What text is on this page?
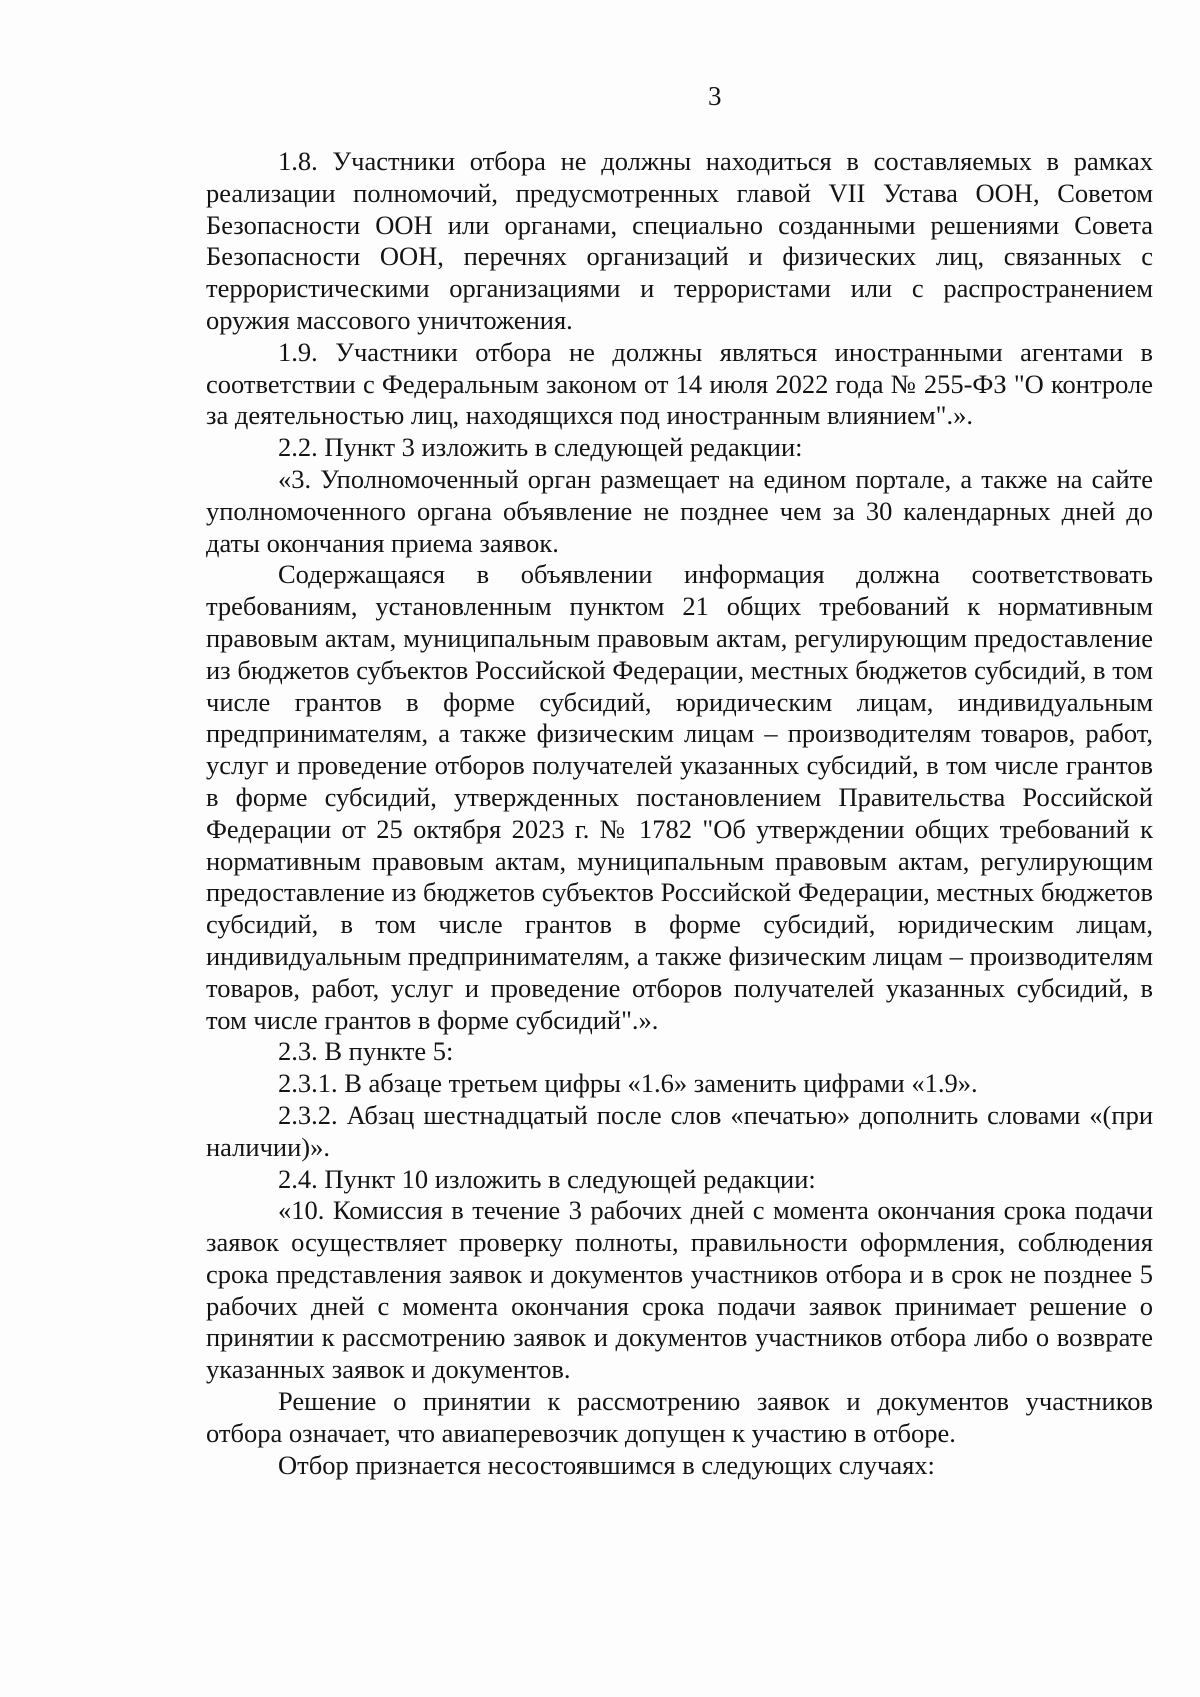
3

1.8. Участники отбора не должны находиться в составляемых в рамках реализации полномочий, предусмотренных главой VII Устава ООН, Советом Безопасности ООН или органами, специально созданными решениями Совета Безопасности ООН, перечнях организаций и физических лиц, связанных с террористическими организациями и террористами или с распространением оружия массового уничтожения.

1.9. Участники отбора не должны являться иностранными агентами в соответствии с Федеральным законом от 14 июля 2022 года № 255-ФЗ "О контроле за деятельностью лиц, находящихся под иностранным влиянием".».

2.2. Пункт 3 изложить в следующей редакции:

«3. Уполномоченный орган размещает на едином портале, а также на сайте уполномоченного органа объявление не позднее чем за 30 календарных дней до даты окончания приема заявок.

Содержащаяся в объявлении информация должна соответствовать требованиям, установленным пунктом 21 общих требований к нормативным правовым актам, муниципальным правовым актам, регулирующим предоставление из бюджетов субъектов Российской Федерации, местных бюджетов субсидий, в том числе грантов в форме субсидий, юридическим лицам, индивидуальным предпринимателям, а также физическим лицам – производителям товаров, работ, услуг и проведение отборов получателей указанных субсидий, в том числе грантов в форме субсидий, утвержденных постановлением Правительства Российской Федерации от 25 октября 2023 г. № 1782 "Об утверждении общих требований к нормативным правовым актам, муниципальным правовым актам, регулирующим предоставление из бюджетов субъектов Российской Федерации, местных бюджетов субсидий, в том числе грантов в форме субсидий, юридическим лицам, индивидуальным предпринимателям, а также физическим лицам – производителям товаров, работ, услуг и проведение отборов получателей указанных субсидий, в том числе грантов в форме субсидий".».

2.3. В пункте 5:

2.3.1. В абзаце третьем цифры «1.6» заменить цифрами «1.9».

2.3.2. Абзац шестнадцатый после слов «печатью» дополнить словами «(при наличии)».

2.4. Пункт 10 изложить в следующей редакции:

«10. Комиссия в течение 3 рабочих дней с момента окончания срока подачи заявок осуществляет проверку полноты, правильности оформления, соблюдения срока представления заявок и документов участников отбора и в срок не позднее 5 рабочих дней с момента окончания срока подачи заявок принимает решение о принятии к рассмотрению заявок и документов участников отбора либо о возврате указанных заявок и документов.

Решение о принятии к рассмотрению заявок и документов участников отбора означает, что авиаперевозчик допущен к участию в отборе.

Отбор признается несостоявшимся в следующих случаях:
